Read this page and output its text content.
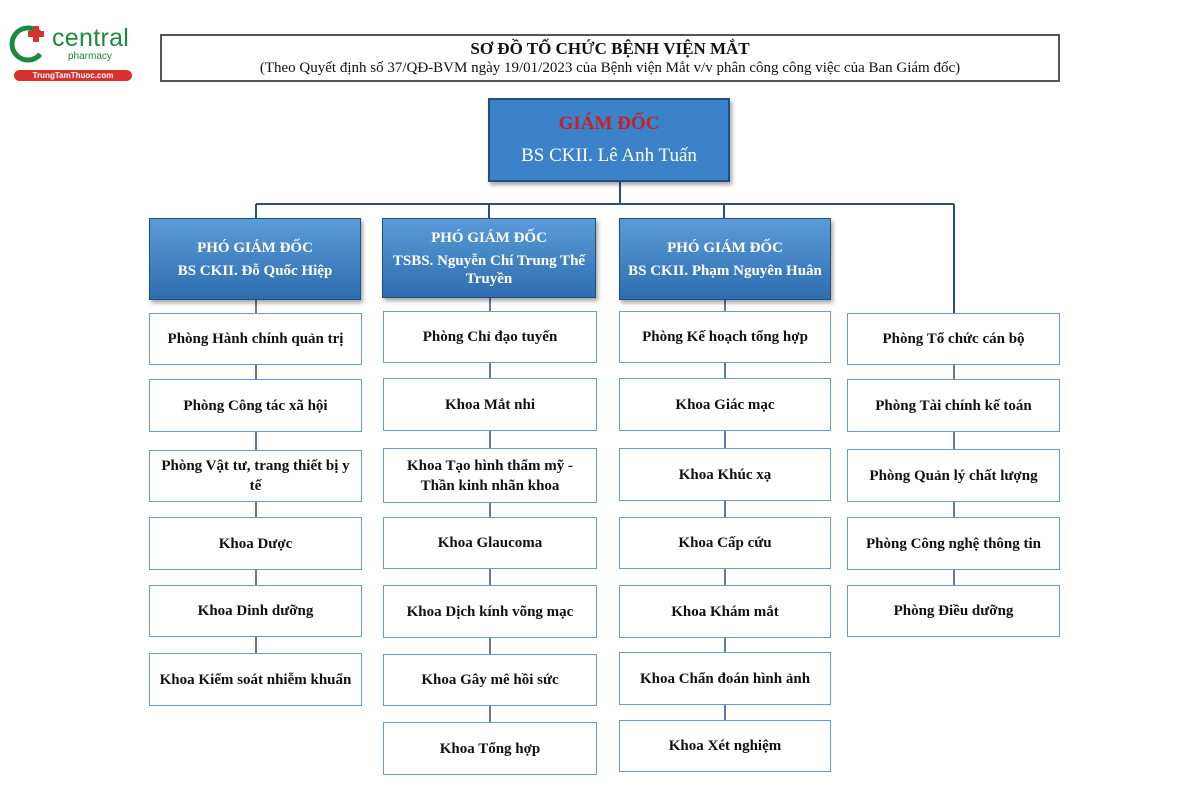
central
pharmacy
TrungTamThuoc.com
SƠ ĐỒ TỔ CHỨC BỆNH VIỆN MẮT
(Theo Quyết định số 37/QĐ-BVM ngày 19/01/2023 của Bệnh viện Mắt v/v phân công công việc của Ban Giám đốc)
GIÁM ĐỐC
BS CKII. Lê Anh Tuấn
PHÓ GIÁM ĐỐC
BS CKII. Đỗ Quốc Hiệp
PHÓ GIÁM ĐỐC
TSBS. Nguyễn Chí Trung Thế Truyền
PHÓ GIÁM ĐỐC
BS CKII. Phạm Nguyên Huân
Phòng Hành chính quản trị
Phòng Công tác xã hội
Phòng Vật tư, trang thiết bị y tế
Khoa Dược
Khoa Dinh dưỡng
Khoa Kiểm soát nhiễm khuẩn
Phòng Chỉ đạo tuyến
Khoa Mắt nhi
Khoa Tạo hình thẩm mỹ - Thần kinh nhãn khoa
Khoa Glaucoma
Khoa Dịch kính võng mạc
Khoa Gây mê hồi sức
Khoa Tổng hợp
Phòng Kế hoạch tổng hợp
Khoa Giác mạc
Khoa Khúc xạ
Khoa Cấp cứu
Khoa Khám mắt
Khoa Chẩn đoán hình ảnh
Khoa Xét nghiệm
Phòng Tổ chức cán bộ
Phòng Tài chính kế toán
Phòng Quản lý chất lượng
Phòng Công nghệ thông tin
Phòng Điều dưỡng
